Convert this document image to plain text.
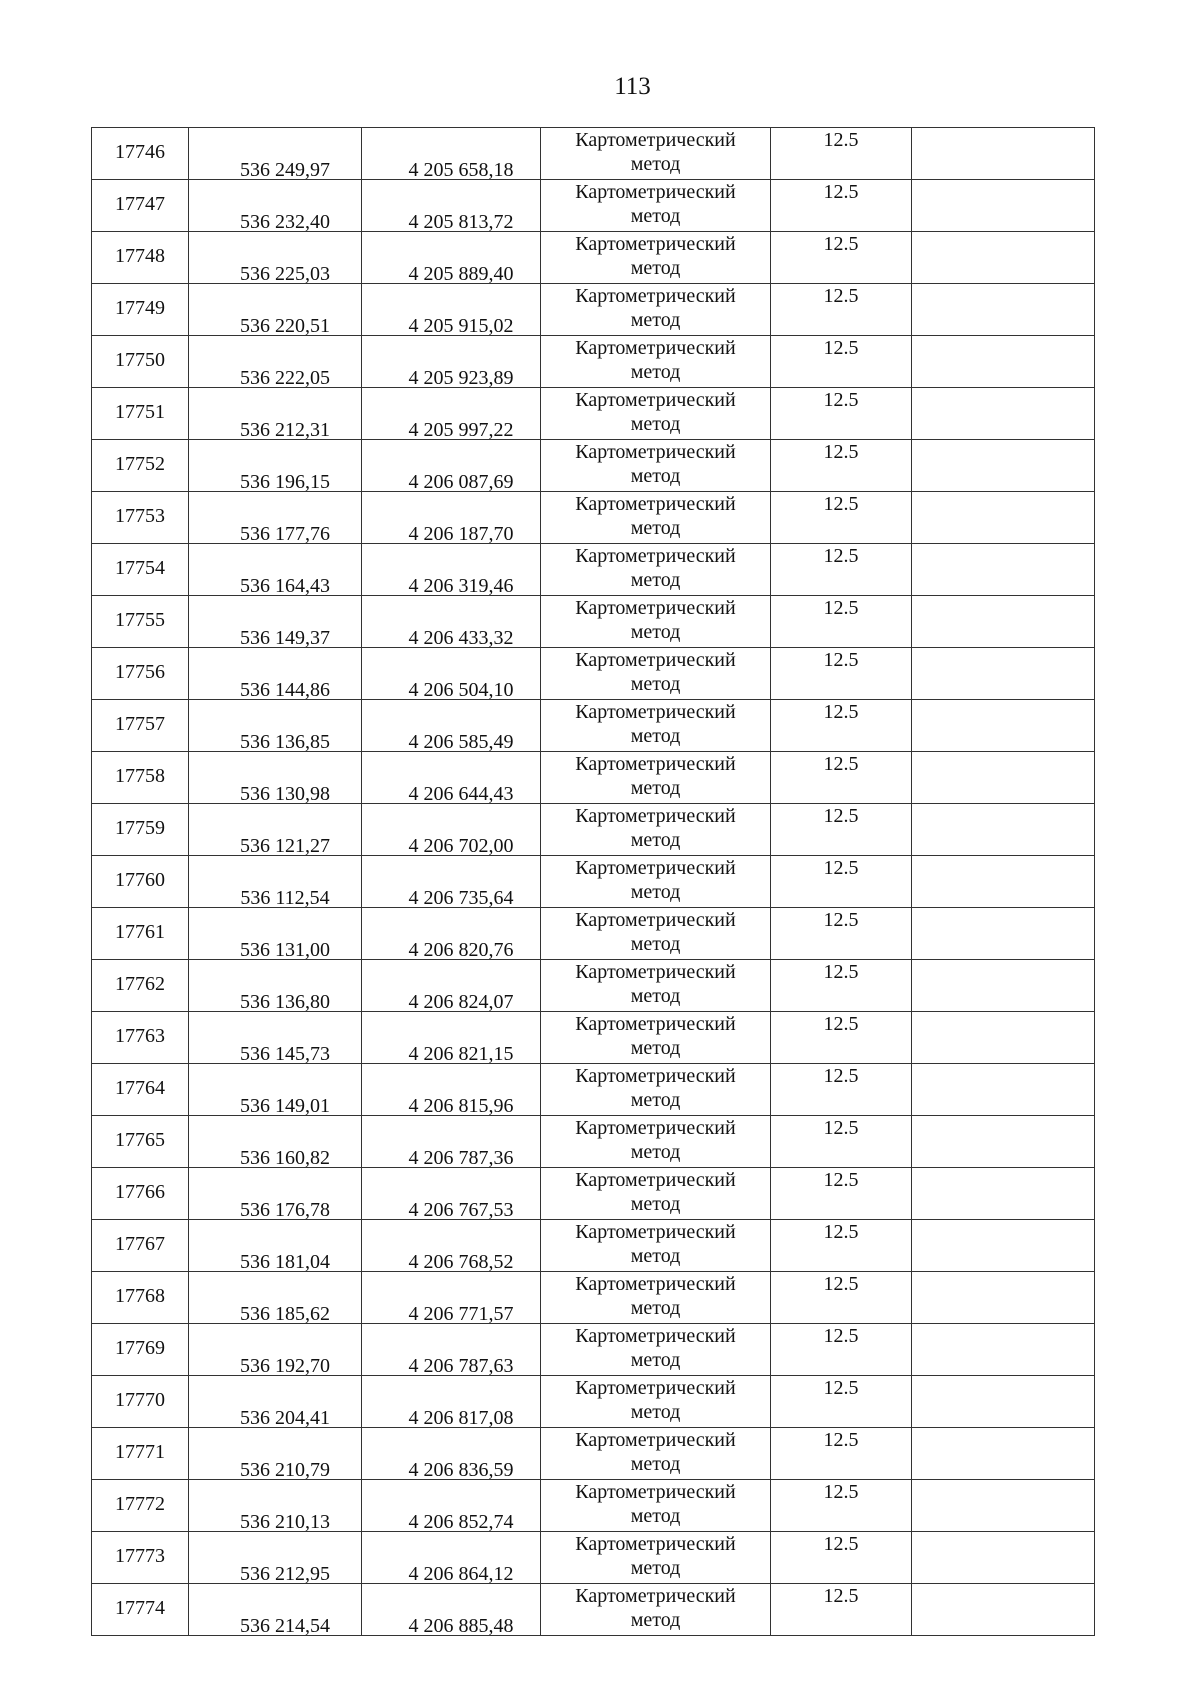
113
17746	536 249,97	4 205 658,18	Картометрический
метод	12.5	
17747	536 232,40	4 205 813,72	Картометрический
метод	12.5	
17748	536 225,03	4 205 889,40	Картометрический
метод	12.5	
17749	536 220,51	4 205 915,02	Картометрический
метод	12.5	
17750	536 222,05	4 205 923,89	Картометрический
метод	12.5	
17751	536 212,31	4 205 997,22	Картометрический
метод	12.5	
17752	536 196,15	4 206 087,69	Картометрический
метод	12.5	
17753	536 177,76	4 206 187,70	Картометрический
метод	12.5	
17754	536 164,43	4 206 319,46	Картометрический
метод	12.5	
17755	536 149,37	4 206 433,32	Картометрический
метод	12.5	
17756	536 144,86	4 206 504,10	Картометрический
метод	12.5	
17757	536 136,85	4 206 585,49	Картометрический
метод	12.5	
17758	536 130,98	4 206 644,43	Картометрический
метод	12.5	
17759	536 121,27	4 206 702,00	Картометрический
метод	12.5	
17760	536 112,54	4 206 735,64	Картометрический
метод	12.5	
17761	536 131,00	4 206 820,76	Картометрический
метод	12.5	
17762	536 136,80	4 206 824,07	Картометрический
метод	12.5	
17763	536 145,73	4 206 821,15	Картометрический
метод	12.5	
17764	536 149,01	4 206 815,96	Картометрический
метод	12.5	
17765	536 160,82	4 206 787,36	Картометрический
метод	12.5	
17766	536 176,78	4 206 767,53	Картометрический
метод	12.5	
17767	536 181,04	4 206 768,52	Картометрический
метод	12.5	
17768	536 185,62	4 206 771,57	Картометрический
метод	12.5	
17769	536 192,70	4 206 787,63	Картометрический
метод	12.5	
17770	536 204,41	4 206 817,08	Картометрический
метод	12.5	
17771	536 210,79	4 206 836,59	Картометрический
метод	12.5	
17772	536 210,13	4 206 852,74	Картометрический
метод	12.5	
17773	536 212,95	4 206 864,12	Картометрический
метод	12.5	
17774	536 214,54	4 206 885,48	Картометрический
метод	12.5	
